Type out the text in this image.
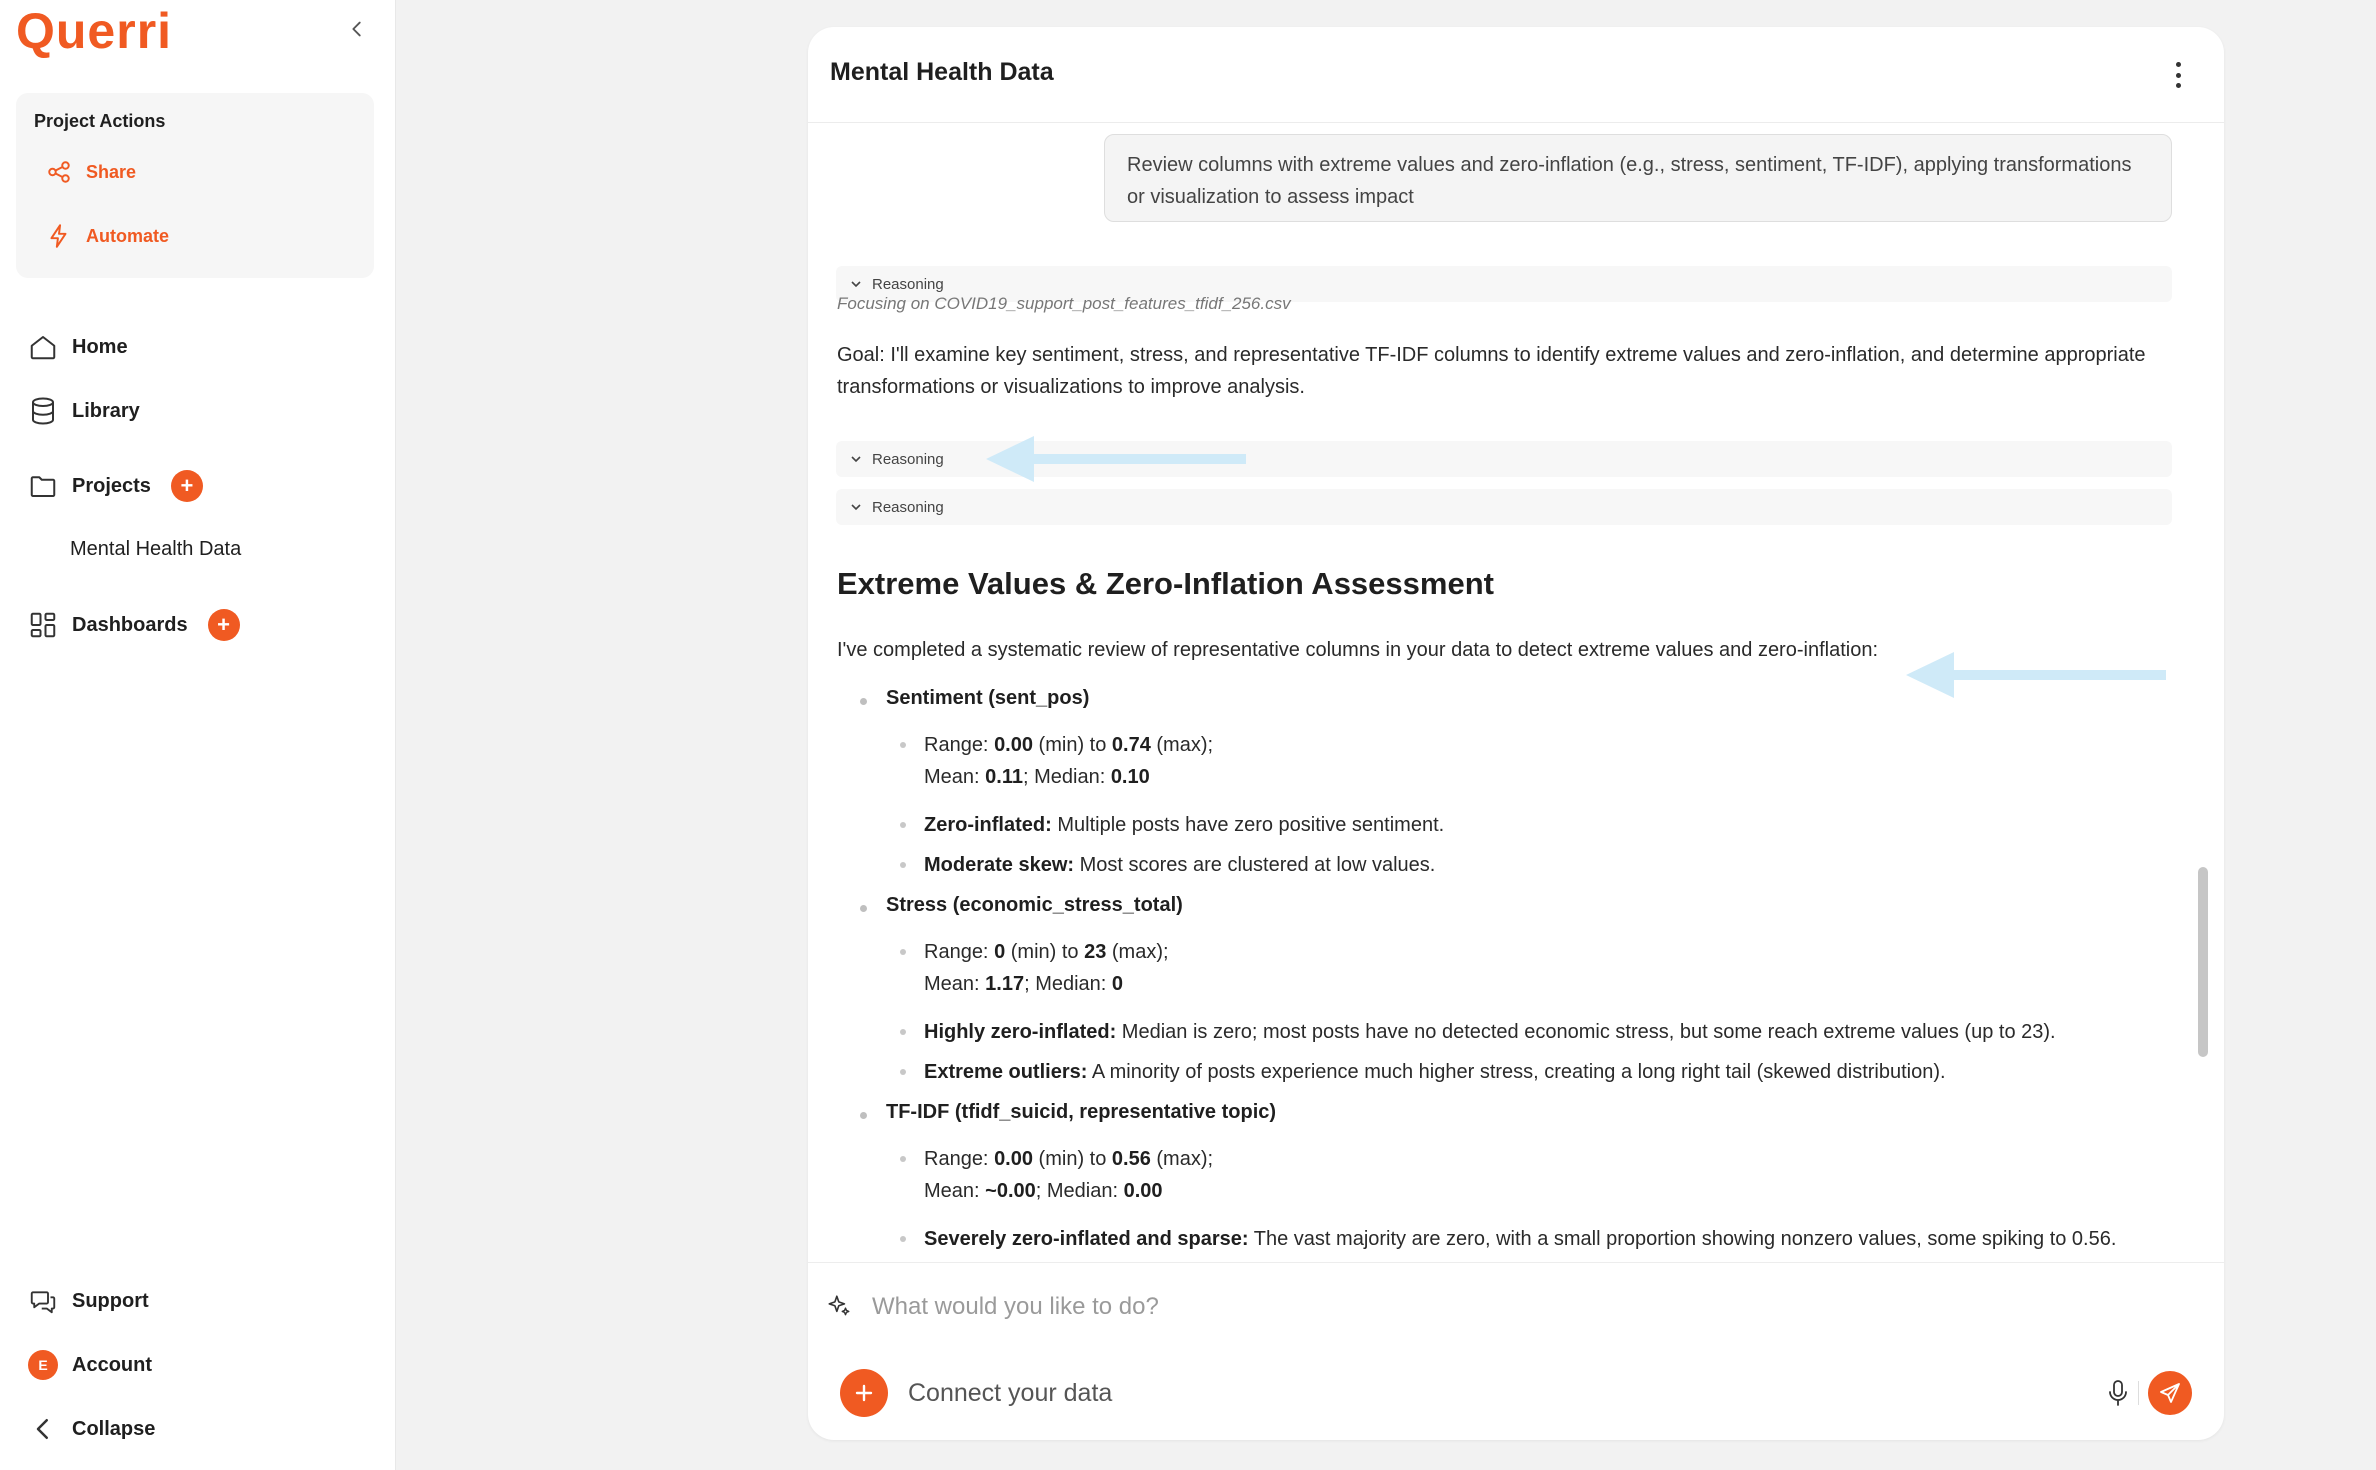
Querri
Project Actions
Share
Automate
Home
Library
Projects	+
Mental Health Data
Dashboards	+
Support
E	Account
Collapse
Mental Health Data
Review columns with extreme values and zero-inflation (e.g., stress, sentiment, TF-IDF), applying transformations or visualization to assess impact
Reasoning
Focusing on COVID19_support_post_features_tfidf_256.csv
Goal: I'll examine key sentiment, stress, and representative TF-IDF columns to identify extreme values and zero-inflation, and determine appropriate transformations or visualizations to improve analysis.
Reasoning
Reasoning
Extreme Values & Zero-Inflation Assessment
I've completed a systematic review of representative columns in your data to detect extreme values and zero-inflation:
Sentiment (sent_pos)
Range: 0.00 (min) to 0.74 (max);
Mean: 0.11; Median: 0.10
Zero-inflated: Multiple posts have zero positive sentiment.
Moderate skew: Most scores are clustered at low values.
Stress (economic_stress_total)
Range: 0 (min) to 23 (max);
Mean: 1.17; Median: 0
Highly zero-inflated: Median is zero; most posts have no detected economic stress, but some reach extreme values (up to 23).
Extreme outliers: A minority of posts experience much higher stress, creating a long right tail (skewed distribution).
TF-IDF (tfidf_suicid, representative topic)
Range: 0.00 (min) to 0.56 (max);
Mean: ~0.00; Median: 0.00
Severely zero-inflated and sparse: The vast majority are zero, with a small proportion showing nonzero values, some spiking to 0.56.
What would you like to do?
Connect your data
